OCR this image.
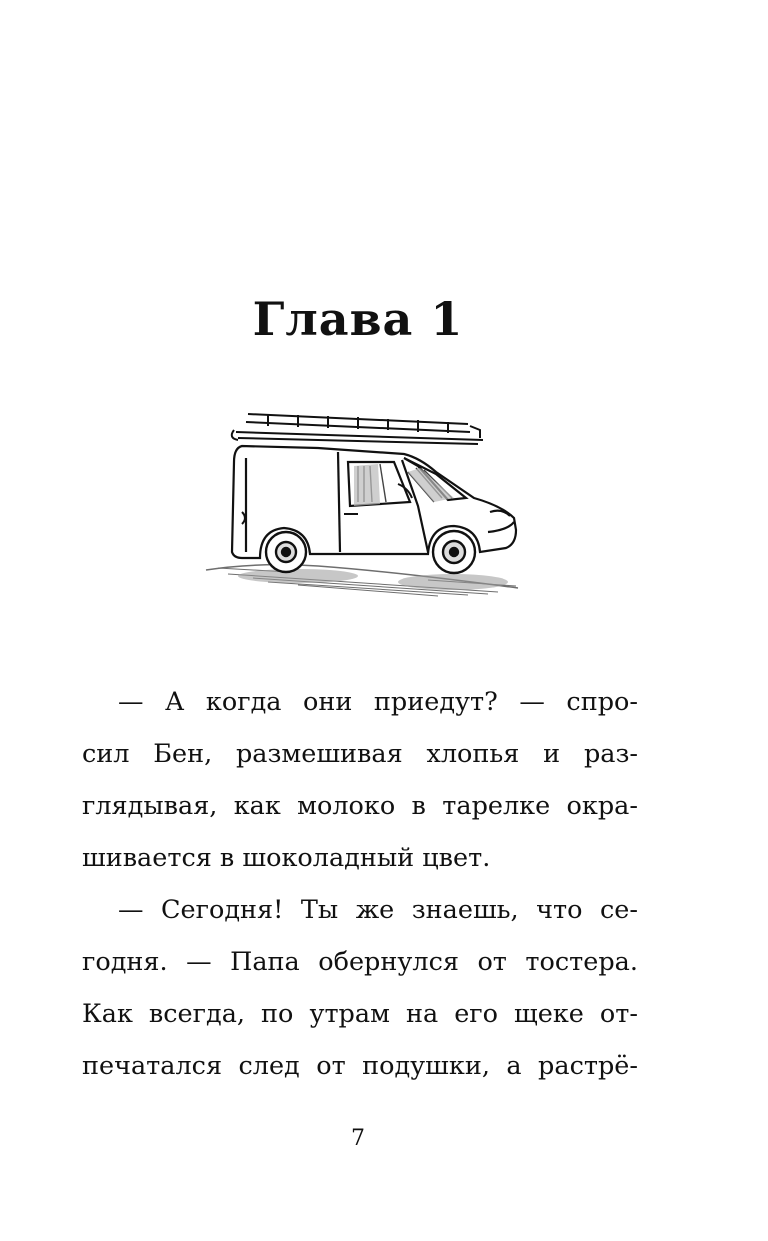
Глава 1
— А когда они приедут? — спро-
сил Бен, размешивая хлопья и раз-
глядывая, как молоко в тарелке окра-
шивается в шоколадный цвет.
— Сегодня! Ты же знаешь, что се-
годня. — Папа обернулся от тостера.
Как всегда, по утрам на его щеке от-
печатался след от подушки, а растрё-
7
